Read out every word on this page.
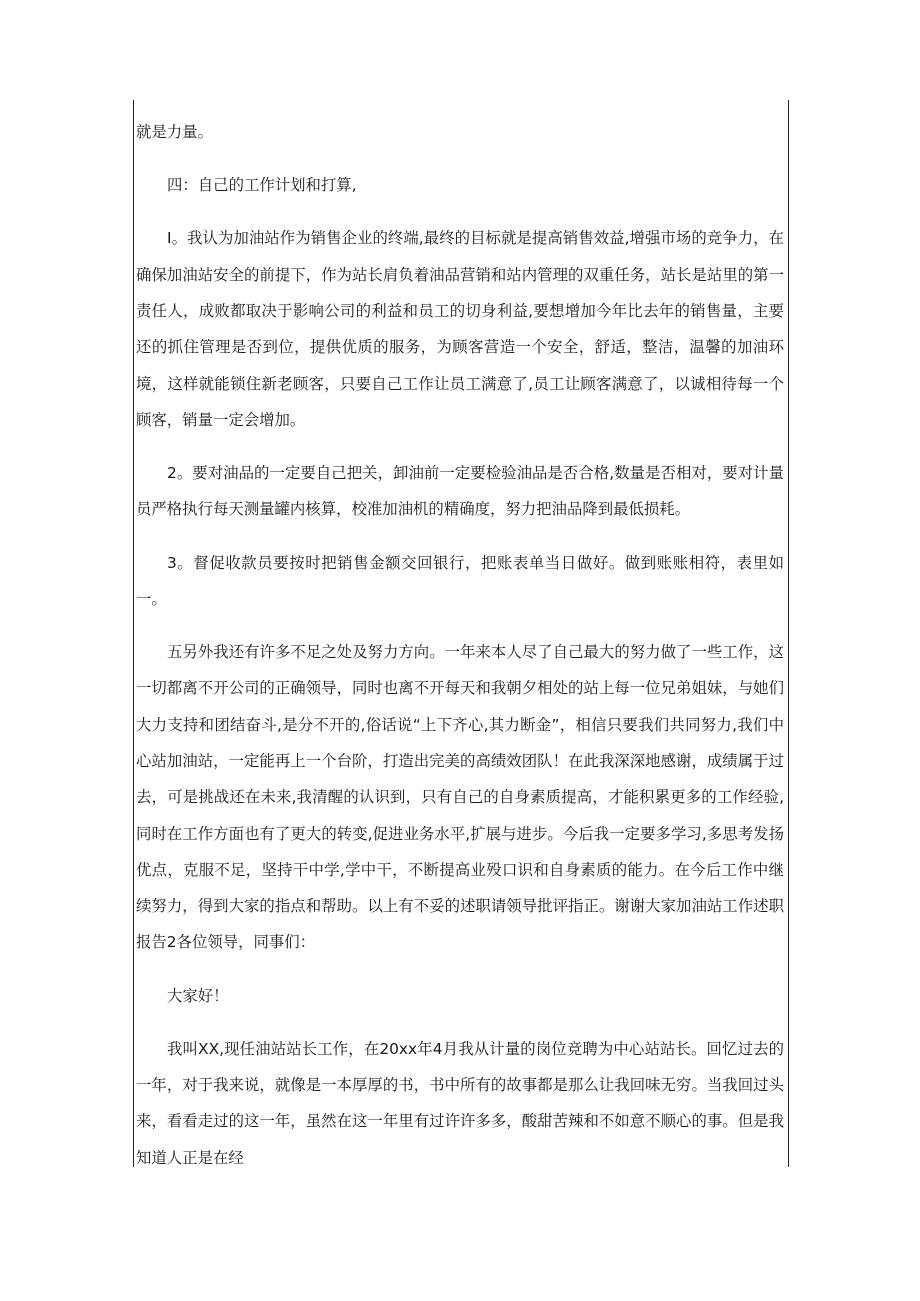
就是力量。

四：自己的工作计划和打算,

I。我认为加油站作为销售企业的终端,最终的目标就是提高销售效益,增强市场的竞争力，在确保加油站安全的前提下，作为站长肩负着油品营销和站内管理的双重任务，站长是站里的第一责任人，成败都取决于影响公司的利益和员工的切身利益,要想增加今年比去年的销售量，主要还的抓住管理是否到位，提供优质的服务，为顾客营造一个安全，舒适，整洁，温馨的加油环境，这样就能锁住新老顾客，只要自己工作让员工满意了,员工让顾客满意了，以诚相待每一个顾客，销量一定会增加。

2。要对油品的一定要自己把关，卸油前一定要检验油品是否合格,数量是否相对，要对计量员严格执行每天测量罐内核算，校准加油机的精确度，努力把油品降到最低损耗。

3。督促收款员要按时把销售金额交回银行，把账表单当日做好。做到账账相符，表里如一。

五另外我还有许多不足之处及努力方向。一年来本人尽了自己最大的努力做了一些工作，这一切都离不开公司的正确领导，同时也离不开每天和我朝夕相处的站上每一位兄弟姐妹，与她们大力支持和团结奋斗,是分不开的,俗话说“上下齐心,其力断金”，相信只要我们共同努力,我们中心站加油站，一定能再上一个台阶，打造出完美的高绩效团队！在此我深深地感谢，成绩属于过去，可是挑战还在未来,我清醒的认识到，只有自己的自身素质提高，才能积累更多的工作经验,同时在工作方面也有了更大的转变,促进业务水平,扩展与进步。今后我一定要多学习,多思考发扬优点，克服不足，坚持干中学,学中干，不断提高业殁口识和自身素质的能力。在今后工作中继续努力，得到大家的指点和帮助。以上有不妥的述职请领导批评指正。谢谢大家加油站工作述职报告2各位领导，同事们：

大家好！

我叫XX,现任油站站长工作，在20xx年4月我从计量的岗位竞聘为中心站站长。回忆过去的一年，对于我来说，就像是一本厚厚的书，书中所有的故事都是那么让我回味无穷。当我回过头来，看看走过的这一年，虽然在这一年里有过许许多多，酸甜苦辣和不如意不顺心的事。但是我知道人正是在经
